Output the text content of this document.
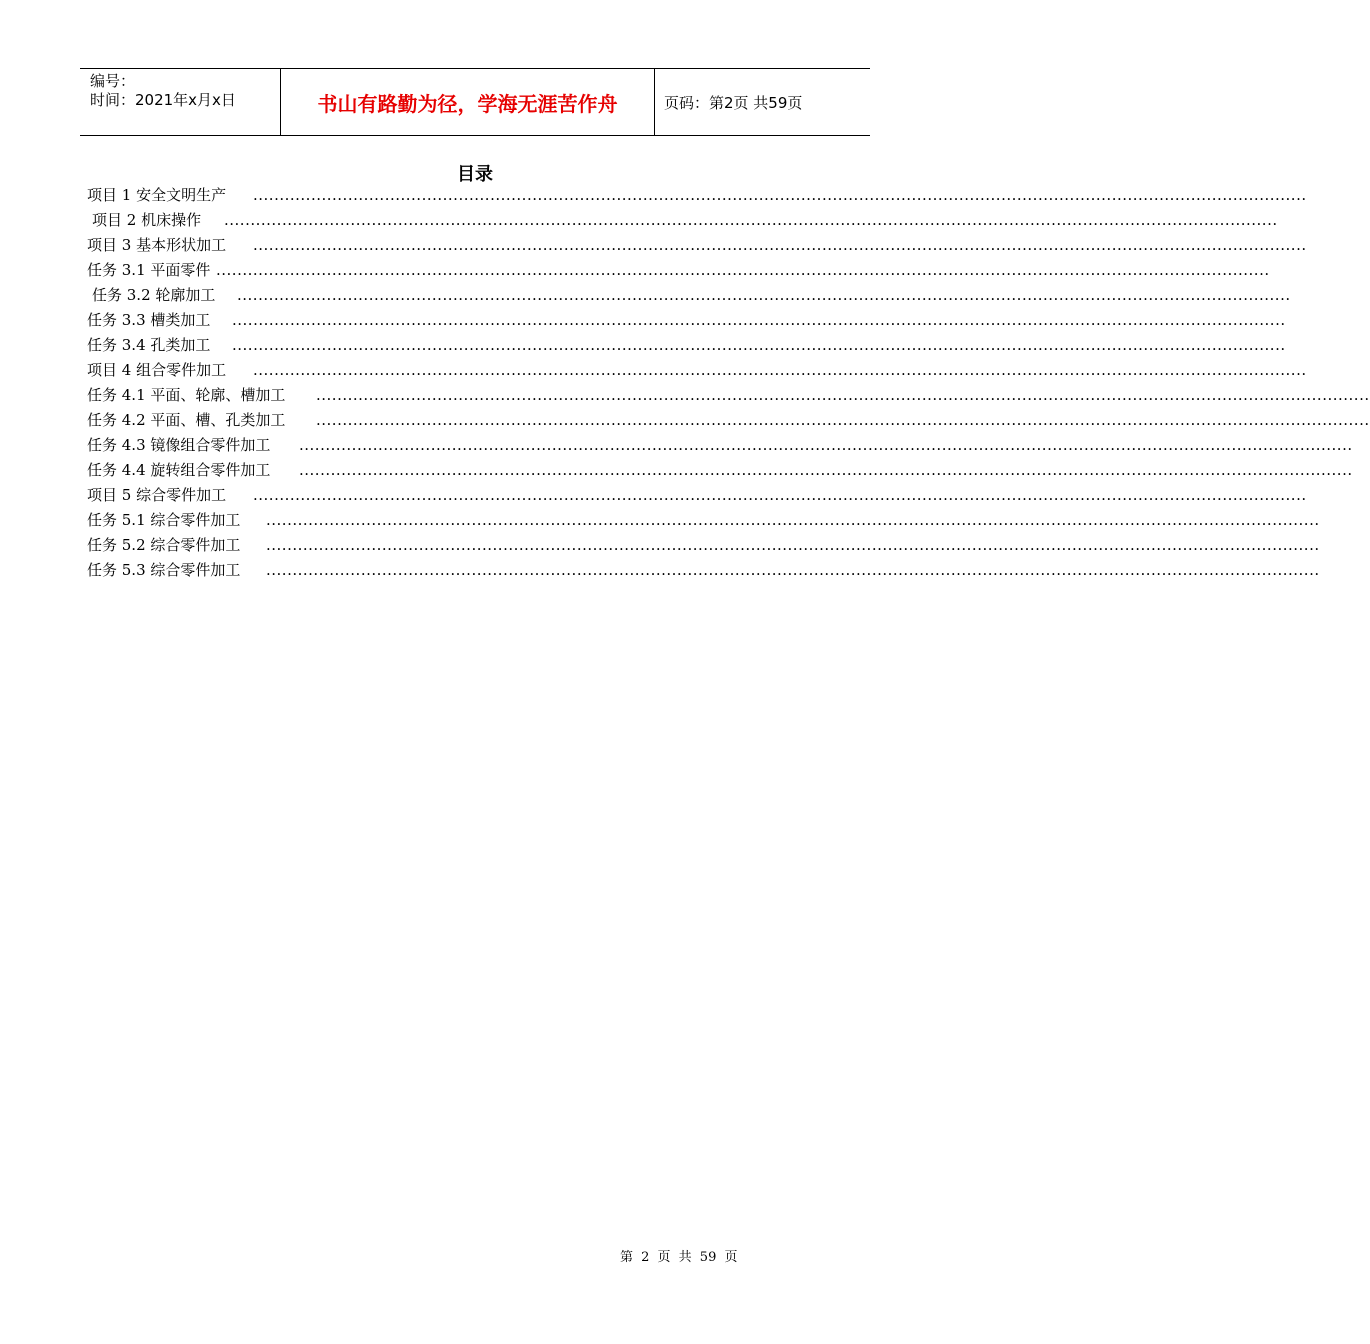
编号：
时间：2021年x月x日	书山有路勤为径，学海无涯苦作舟	页码：第2页 共59页
目录
项目 1 安全文明生产 ........................................................................................................................................................................................................
项目 2 机床操作 ........................................................................................................................................................................................................
项目 3 基本形状加工 ........................................................................................................................................................................................................
任务 3.1 平面零件 ........................................................................................................................................................................................................
任务 3.2 轮廓加工 ........................................................................................................................................................................................................
任务 3.3 槽类加工 ........................................................................................................................................................................................................
任务 3.4 孔类加工 ........................................................................................................................................................................................................
项目 4 组合零件加工 ........................................................................................................................................................................................................
任务 4.1 平面、轮廓、槽加工 ........................................................................................................................................................................................................
任务 4.2 平面、槽、孔类加工 ........................................................................................................................................................................................................
任务 4.3 镜像组合零件加工 ........................................................................................................................................................................................................
任务 4.4 旋转组合零件加工 ........................................................................................................................................................................................................
项目 5 综合零件加工 ........................................................................................................................................................................................................
任务 5.1 综合零件加工 ........................................................................................................................................................................................................
任务 5.2 综合零件加工 ........................................................................................................................................................................................................
任务 5.3 综合零件加工 ........................................................................................................................................................................................................
第 2 页 共 59 页
